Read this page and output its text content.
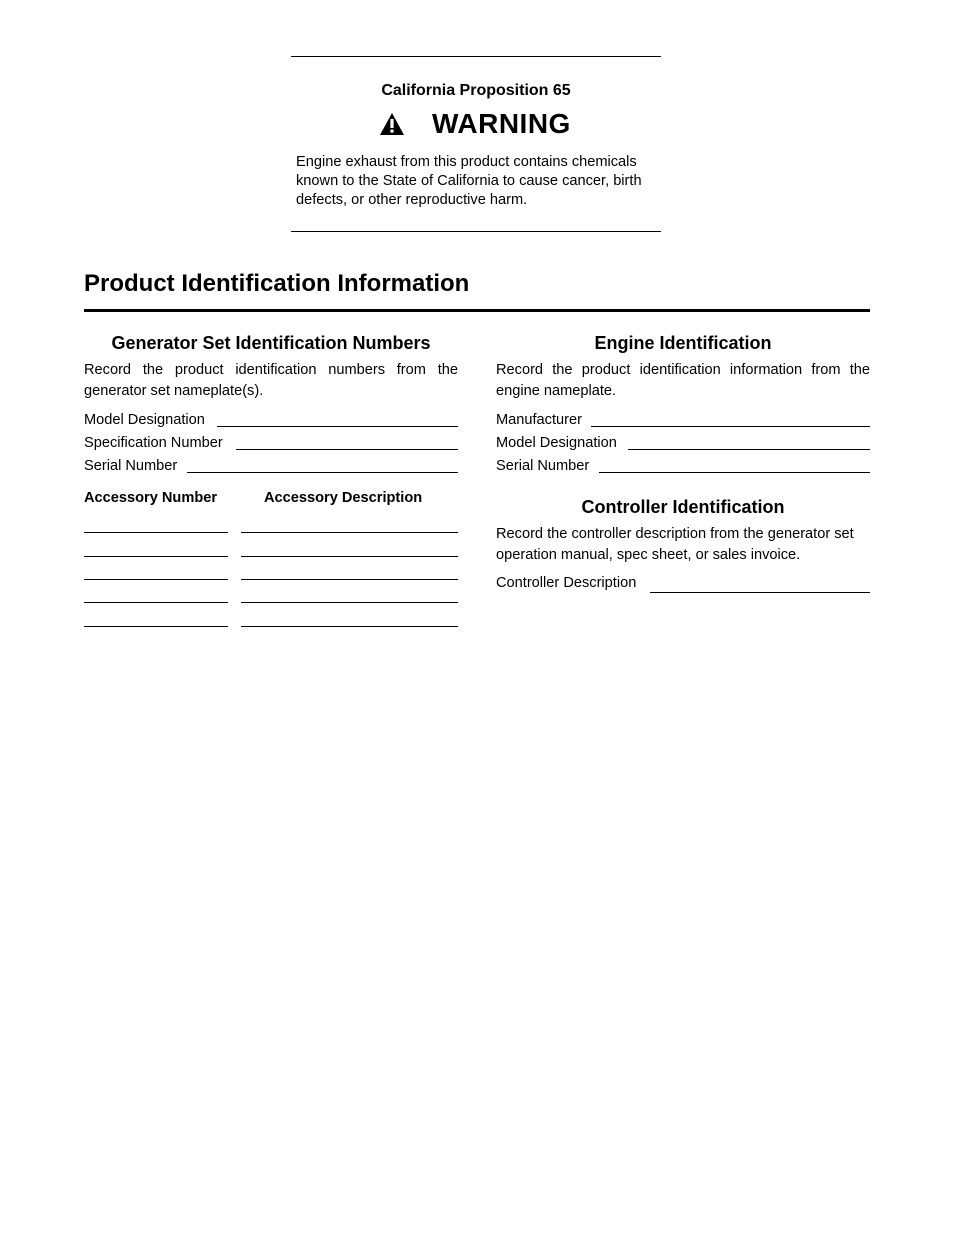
California Proposition 65
WARNING
Engine exhaust from this product contains chemicals known to the State of California to cause cancer, birth defects, or other reproductive harm.
Product Identification Information
Generator Set Identification Numbers
Record the product identification numbers from the generator set nameplate(s).
Model Designation
Specification Number
Serial Number
Accessory Number	Accessory Description
Engine Identification
Record the product identification information from the engine nameplate.
Manufacturer
Model Designation
Serial Number
Controller Identification
Record the controller description from the generator set operation manual, spec sheet, or sales invoice.
Controller Description
